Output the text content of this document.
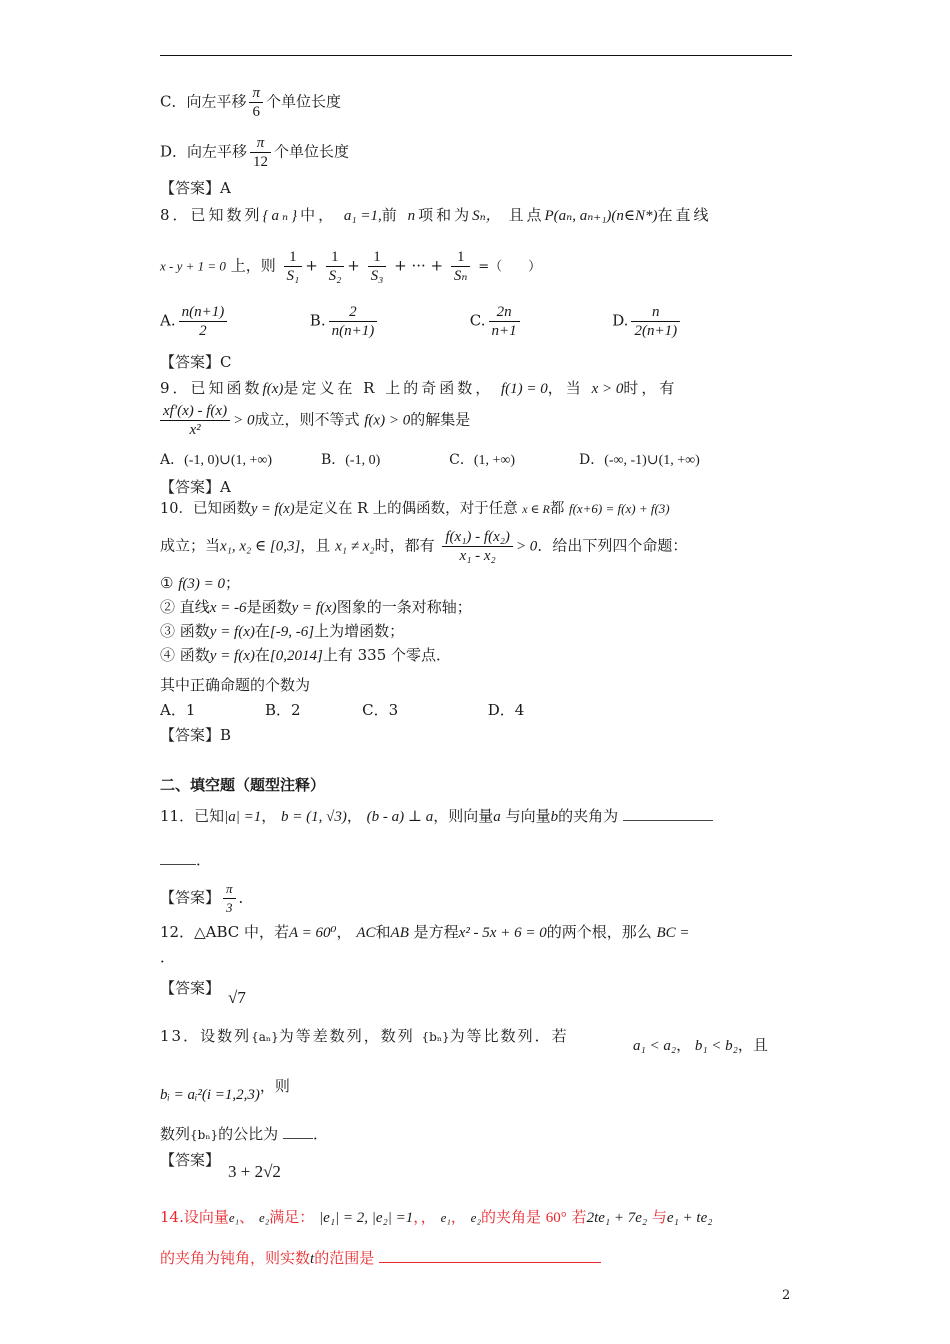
C．向左平移 $\frac{\pi}{6}$ 个单位长度
D．向左平移 $\frac{\pi}{12}$ 个单位长度
【答案】A
8．已知数列{aₙ}中， a₁ =1,前 n项和为Sₙ， 且点P(aₙ, aₙ₊₁)(n∈N*)在直线
x - y + 1 = 0 上，则 $\frac{1}{\text{S₁}} + \frac{1}{\text{S₂}} + \frac{1}{\text{S₃}}$ + ··· + $\frac{1}{\text{Sₙ}}$ =（　　）
A. $\frac{n(n+1)}{2}$	B. $\frac{2}{n(n+1)}$	C. $\frac{2n}{n+1}$	D. $\frac{n}{2(n+1)}$
【答案】C
9．已知函数f(x)是定义在 R 上的奇函数， f(1) = 0，当 x > 0时，有
$\frac{xf'(x) - f(x)}{\text{x²}} > 0$成立，则不等式 f(x) > 0的解集是
A．(-1, 0)∪(1, +∞)	B．(-1, 0)	C．(1, +∞)	D．(-∞, -1)∪(1, +∞)
【答案】A
10．已知函数y = f(x)是定义在 R 上的偶函数，对于任意 x ∈ R都 f(x+6) = f(x) + f(3)
成立；当x₁, x₂ ∈ [0,3]，且 x₁ ≠ x₂时，都有 $\frac{\text{f(x₁) - f(x₂)}}{\text{x₁ - x₂}} > 0$．给出下列四个命题：
① f(3) = 0；
② 直线x = -6是函数y = f(x)图象的一条对称轴；
③ 函数y = f(x)在[-9, -6]上为增函数；
④ 函数y = f(x)在[0,2014]上有 335 个零点．
其中正确命题的个数为
A．1	B．2	C．3	D．4
【答案】B
二、填空题（题型注释）
11．已知|a| =1， b = (1, √3)， (b - a) ⊥ a，则向量a 与向量b的夹角为
．
【答案】 $\frac{\pi}{3}$ ．
12．△ABC 中，若A = 60⁰， AC和AB 是方程x² - 5x + 6 = 0的两个根，那么 BC =
．
【答案】 √7
13．设数列{aₙ}为等差数列，数列 {bₙ}为等比数列．若
a₁ < a₂， b₁ < b₂，且
bᵢ = aᵢ²(i =1,2,3)，则
数列{bₙ}的公比为 ．
【答案】
3 + 2√2
14.设向量e₁、 e₂满足： |e₁| = 2, |e₂| =1，， e₁， e₂的夹角是 60° 若2te₁ + 7e₂ 与e₁ + te₂
的夹角为钝角，则实数t的范围是
2
